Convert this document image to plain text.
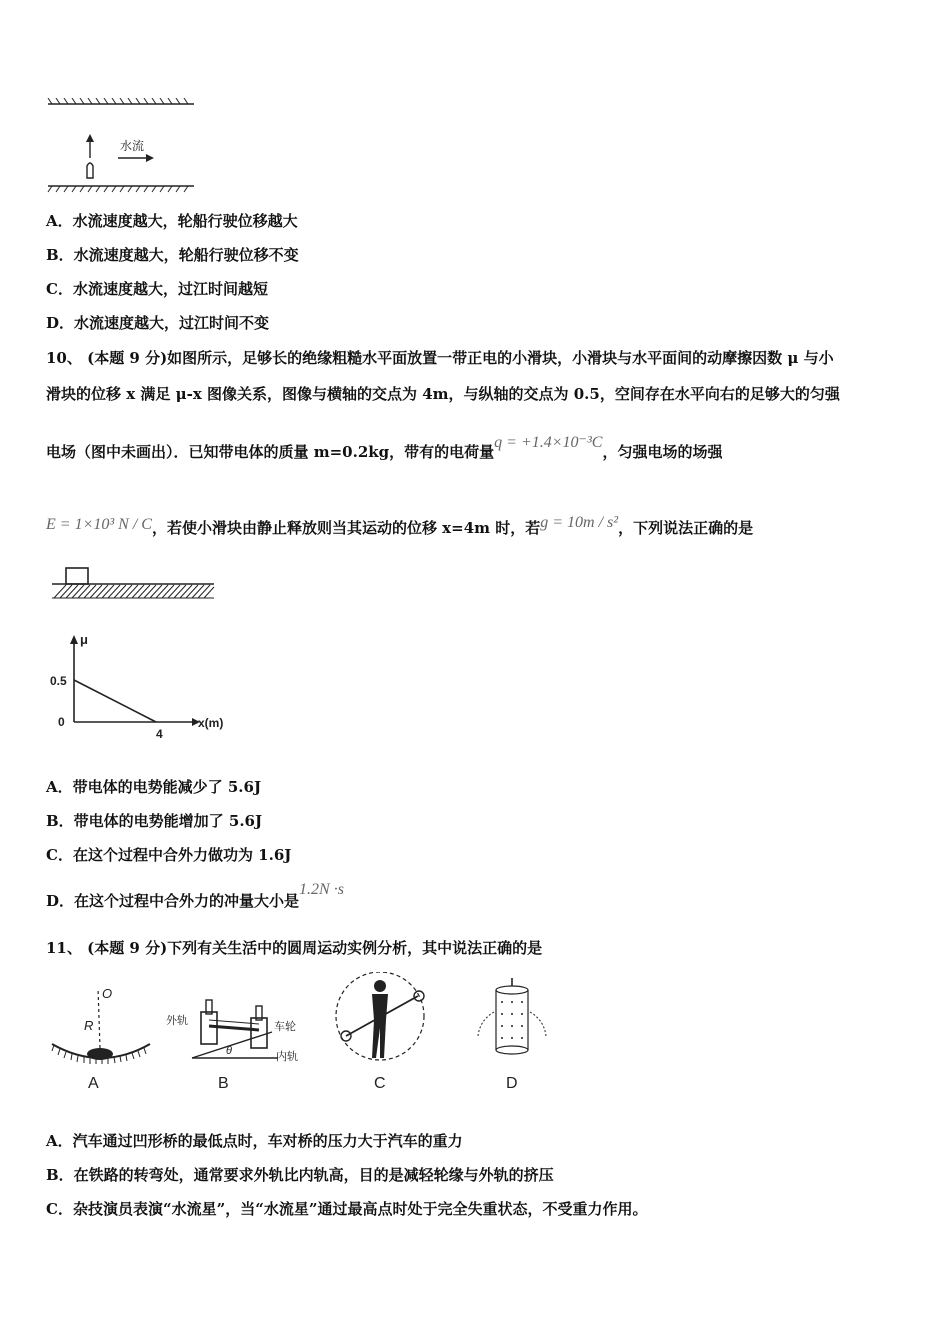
水流
A．水流速度越大，轮船行驶位移越大
B．水流速度越大，轮船行驶位移不变
C．水流速度越大，过江时间越短
D．水流速度越大，过江时间不变
10、 (本题 9 分)如图所示，足够长的绝缘粗糙水平面放置一带正电的小滑块，小滑块与水平面间的动摩擦因数 μ 与小
滑块的位移 x 满足 μ-x 图像关系，图像与横轴的交点为 4m，与纵轴的交点为 0.5，空间存在水平向右的足够大的匀强
电场（图中未画出）．已知带电体的质量 m=0.2kg，带有的电荷量q = +1.4×10⁻³C，匀强电场的场强
E = 1×10³ N / C，若使小滑块由静止释放则当其运动的位移 x=4m 时，若g = 10m / s²，下列说法正确的是
μ
x(m)
0.5
0
4
A．带电体的电势能减少了 5.6J
B．带电体的电势能增加了 5.6J
C．在这个过程中合外力做功为 1.6J
D．在这个过程中合外力的冲量大小是1.2N ·s
11、 (本题 9 分)下列有关生活中的圆周运动实例分析，其中说法正确的是
O
R
A
外轨	车轮
内轨
θ
B	C	D
A．汽车通过凹形桥的最低点时，车对桥的压力大于汽车的重力
B．在铁路的转弯处，通常要求外轨比内轨高，目的是减轻轮缘与外轨的挤压
C．杂技演员表演“水流星”，当“水流星”通过最高点时处于完全失重状态，不受重力作用。
